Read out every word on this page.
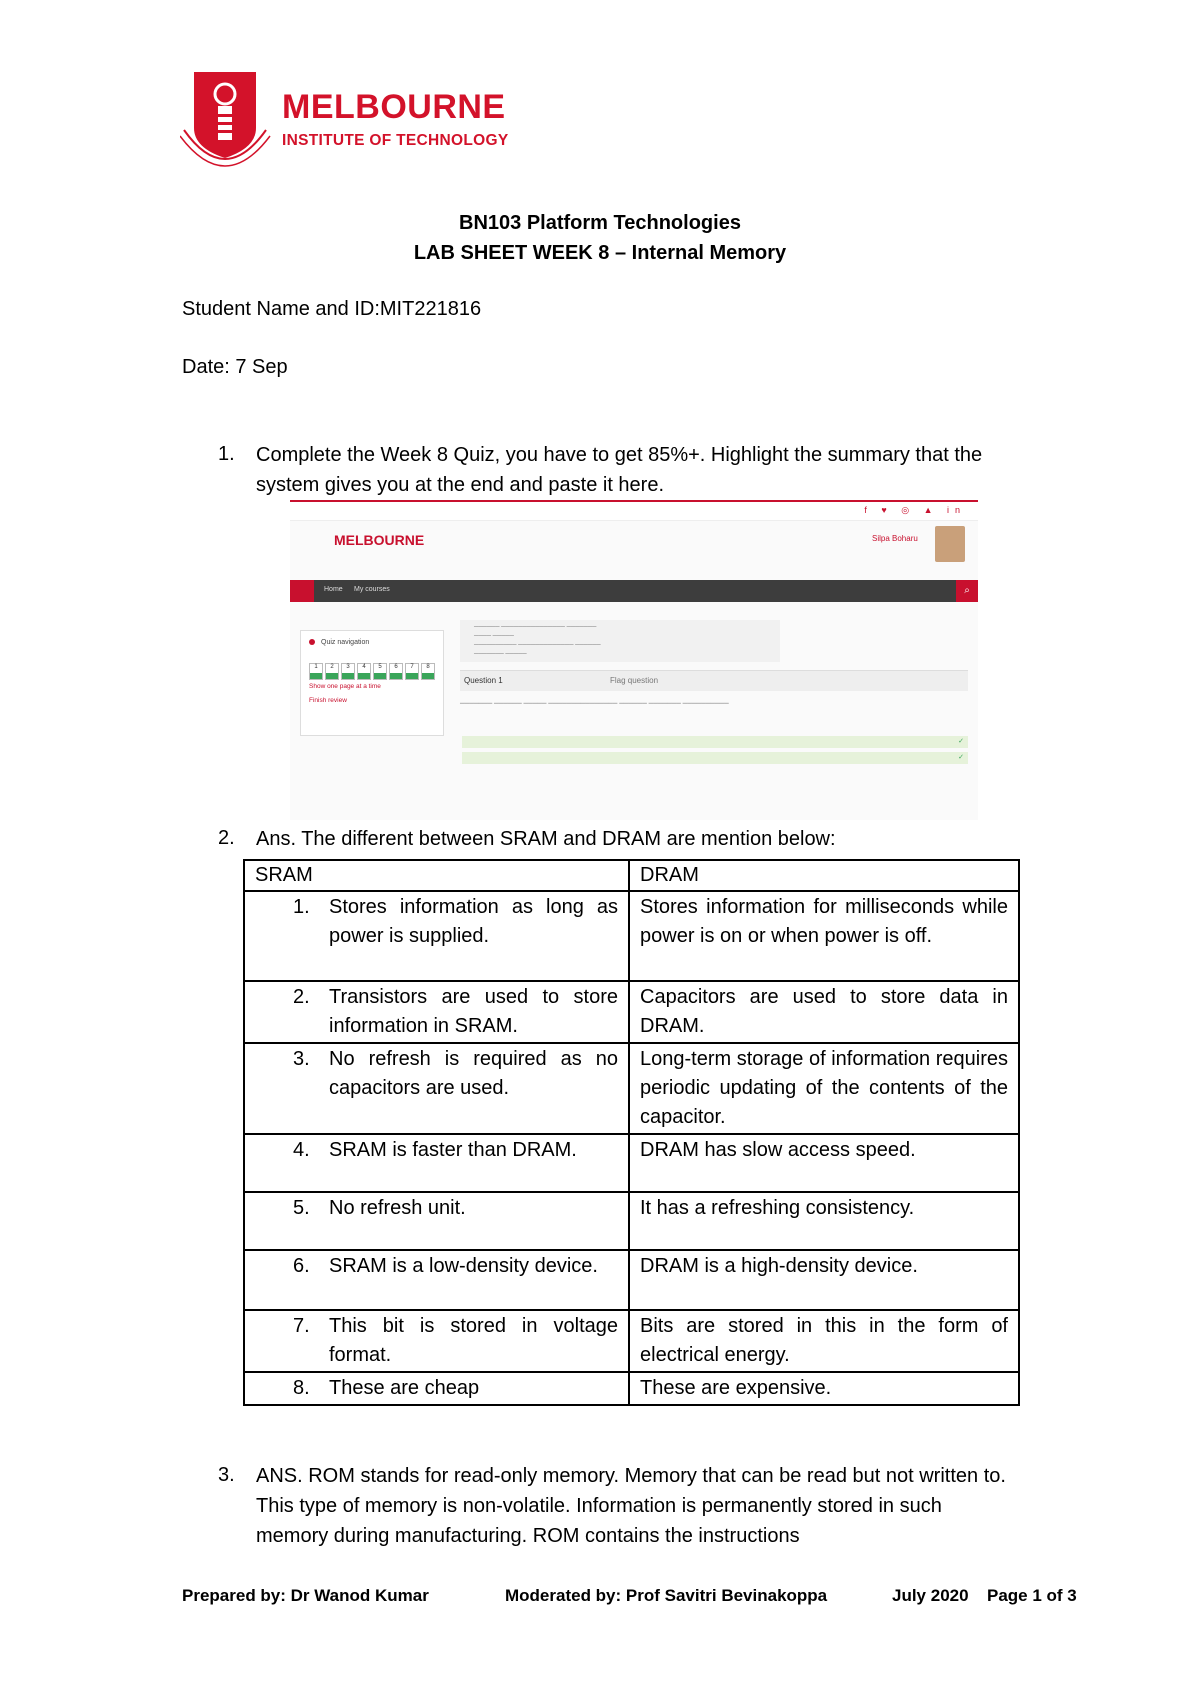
MELBOURNE
INSTITUTE OF TECHNOLOGY
BN103 Platform Technologies
LAB SHEET WEEK 8 – Internal Memory
Student Name and ID:MIT221816
Date: 7 Sep
1. Complete the Week 8 Quiz, you have to get 85%+. Highlight the summary that the system gives you at the end and paste it here.
f ♥ ◎ ▲ in
MELBOURNE	Silpa Boharu
Home My courses	⌕
Quiz navigation
1 2 3 4 5 6 7 8
Show one page at a time
Finish review
────── ─────────────── ───────
──── ─────
────────── ───────────── ──────
─────── ─────
Question 1	Flag question
─────── ────── ───── ─────────────── ────── ─────── ──────────
✓
✓
2. Ans. The different between SRAM and DRAM are mention below:
SRAM	DRAM

1. Stores information as long as power is supplied.	Stores information for milliseconds while power is on or when power is off.

2. Transistors are used to store information in SRAM.	Capacitors are used to store data in DRAM.

3. No refresh is required as no capacitors are used.	Long-term storage of information requires periodic updating of the contents of the capacitor.

4. SRAM is faster than DRAM.	DRAM has slow access speed.

5. No refresh unit.	It has a refreshing consistency.

6. SRAM is a low-density device.	DRAM is a high-density device.

7. This bit is stored in voltage format.	Bits are stored in this in the form of electrical energy.

8. These are cheap	These are expensive.
3. ANS. ROM stands for read-only memory. Memory that can be read but not written to. This type of memory is non-volatile. Information is permanently stored in such memory during manufacturing. ROM contains the instructions
Prepared by: Dr Wanod Kumar	Moderated by: Prof Savitri Bevinakoppa	July 2020 Page 1 of 3
